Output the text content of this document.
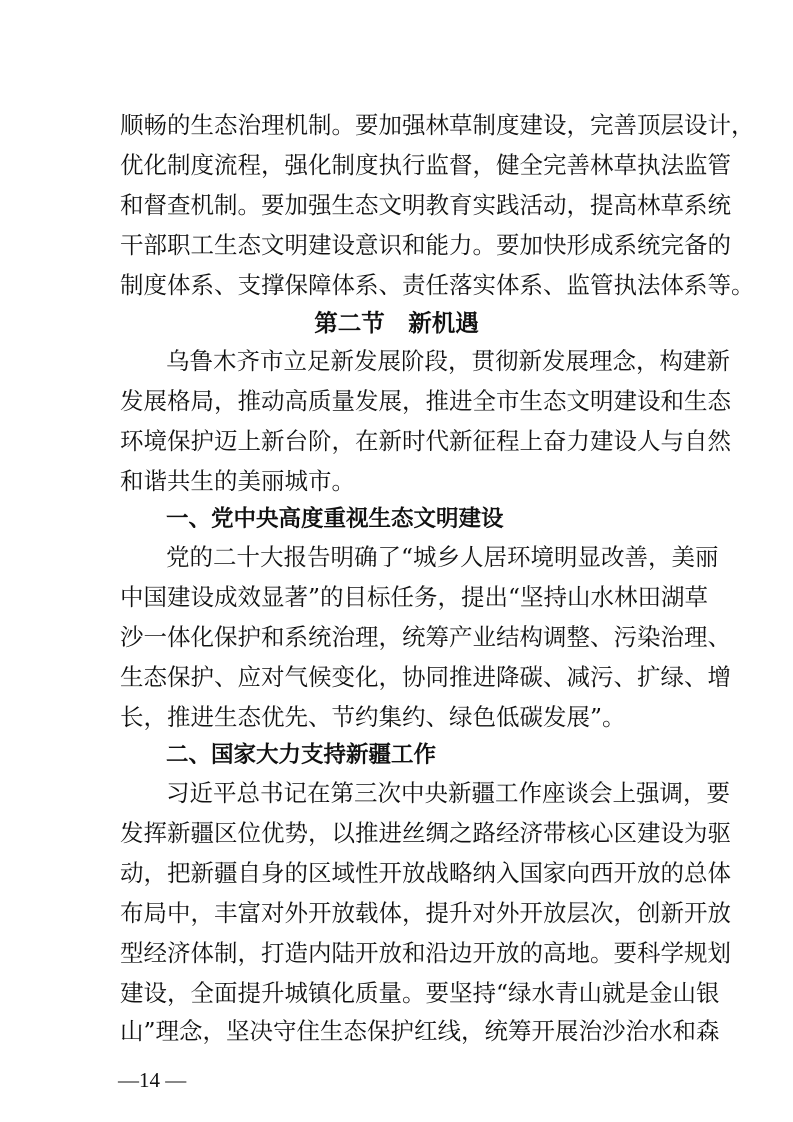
顺畅的生态治理机制。要加强林草制度建设，完善顶层设计，
优化制度流程，强化制度执行监督，健全完善林草执法监管
和督查机制。要加强生态文明教育实践活动，提高林草系统
干部职工生态文明建设意识和能力。要加快形成系统完备的
制度体系、支撑保障体系、责任落实体系、监管执法体系等。
第二节　新机遇
乌鲁木齐市立足新发展阶段，贯彻新发展理念，构建新
发展格局，推动高质量发展，推进全市生态文明建设和生态
环境保护迈上新台阶，在新时代新征程上奋力建设人与自然
和谐共生的美丽城市。
一、党中央高度重视生态文明建设
党的二十大报告明确了“城乡人居环境明显改善，美丽
中国建设成效显著”的目标任务，提出“坚持山水林田湖草
沙一体化保护和系统治理，统筹产业结构调整、污染治理、
生态保护、应对气候变化，协同推进降碳、减污、扩绿、增
长，推进生态优先、节约集约、绿色低碳发展”。
二、国家大力支持新疆工作
习近平总书记在第三次中央新疆工作座谈会上强调，要
发挥新疆区位优势，以推进丝绸之路经济带核心区建设为驱
动，把新疆自身的区域性开放战略纳入国家向西开放的总体
布局中，丰富对外开放载体，提升对外开放层次，创新开放
型经济体制，打造内陆开放和沿边开放的高地。要科学规划
建设，全面提升城镇化质量。要坚持“绿水青山就是金山银
—14 —
山”理念，坚决守住生态保护红线，统筹开展治沙治水和森
